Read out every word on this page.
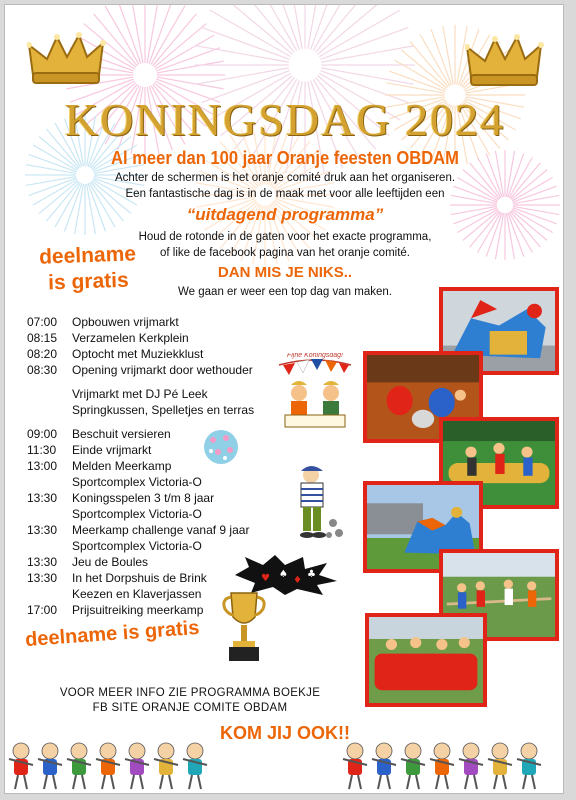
KONINGSDAG 2024
Al meer dan 100 jaar Oranje feesten OBDAM
Achter de schermen is het oranje comité druk aan het organiseren.
Een fantastische dag is in de maak met voor alle leeftijden een
“uitdagend programma”
Houd de rotonde in de gaten voor het exacte programma,
of like de facebook pagina van het oranje comité.
DAN MIS JE NIKS..
We gaan er weer een top dag van maken.
deelname
is gratis
07:00	Opbouwen vrijmarkt
08:15	Verzamelen Kerkplein
08:20	Optocht met Muziekklust
08:30	Opening vrijmarkt door wethouder
Vrijmarkt met DJ Pé Leek
Springkussen, Spelletjes en terras
09:00	Beschuit versieren
11:30	Einde vrijmarkt
13:00	Melden Meerkamp
Sportcomplex Victoria-O
13:30	Koningsspelen 3 t/m 8 jaar
Sportcomplex Victoria-O
13:30	Meerkamp challenge vanaf 9 jaar
Sportcomplex Victoria-O
13:30	Jeu de Boules
13:30	In het Dorpshuis de Brink
Keezen en Klaverjassen
17:00	Prijsuitreiking meerkamp
Fijne Koningsdag!
♥ ♠
♦
♣
deelname is gratis
VOOR MEER INFO ZIE PROGRAMMA BOEKJE
FB SITE ORANJE COMITE OBDAM
KOM JIJ OOK!!
